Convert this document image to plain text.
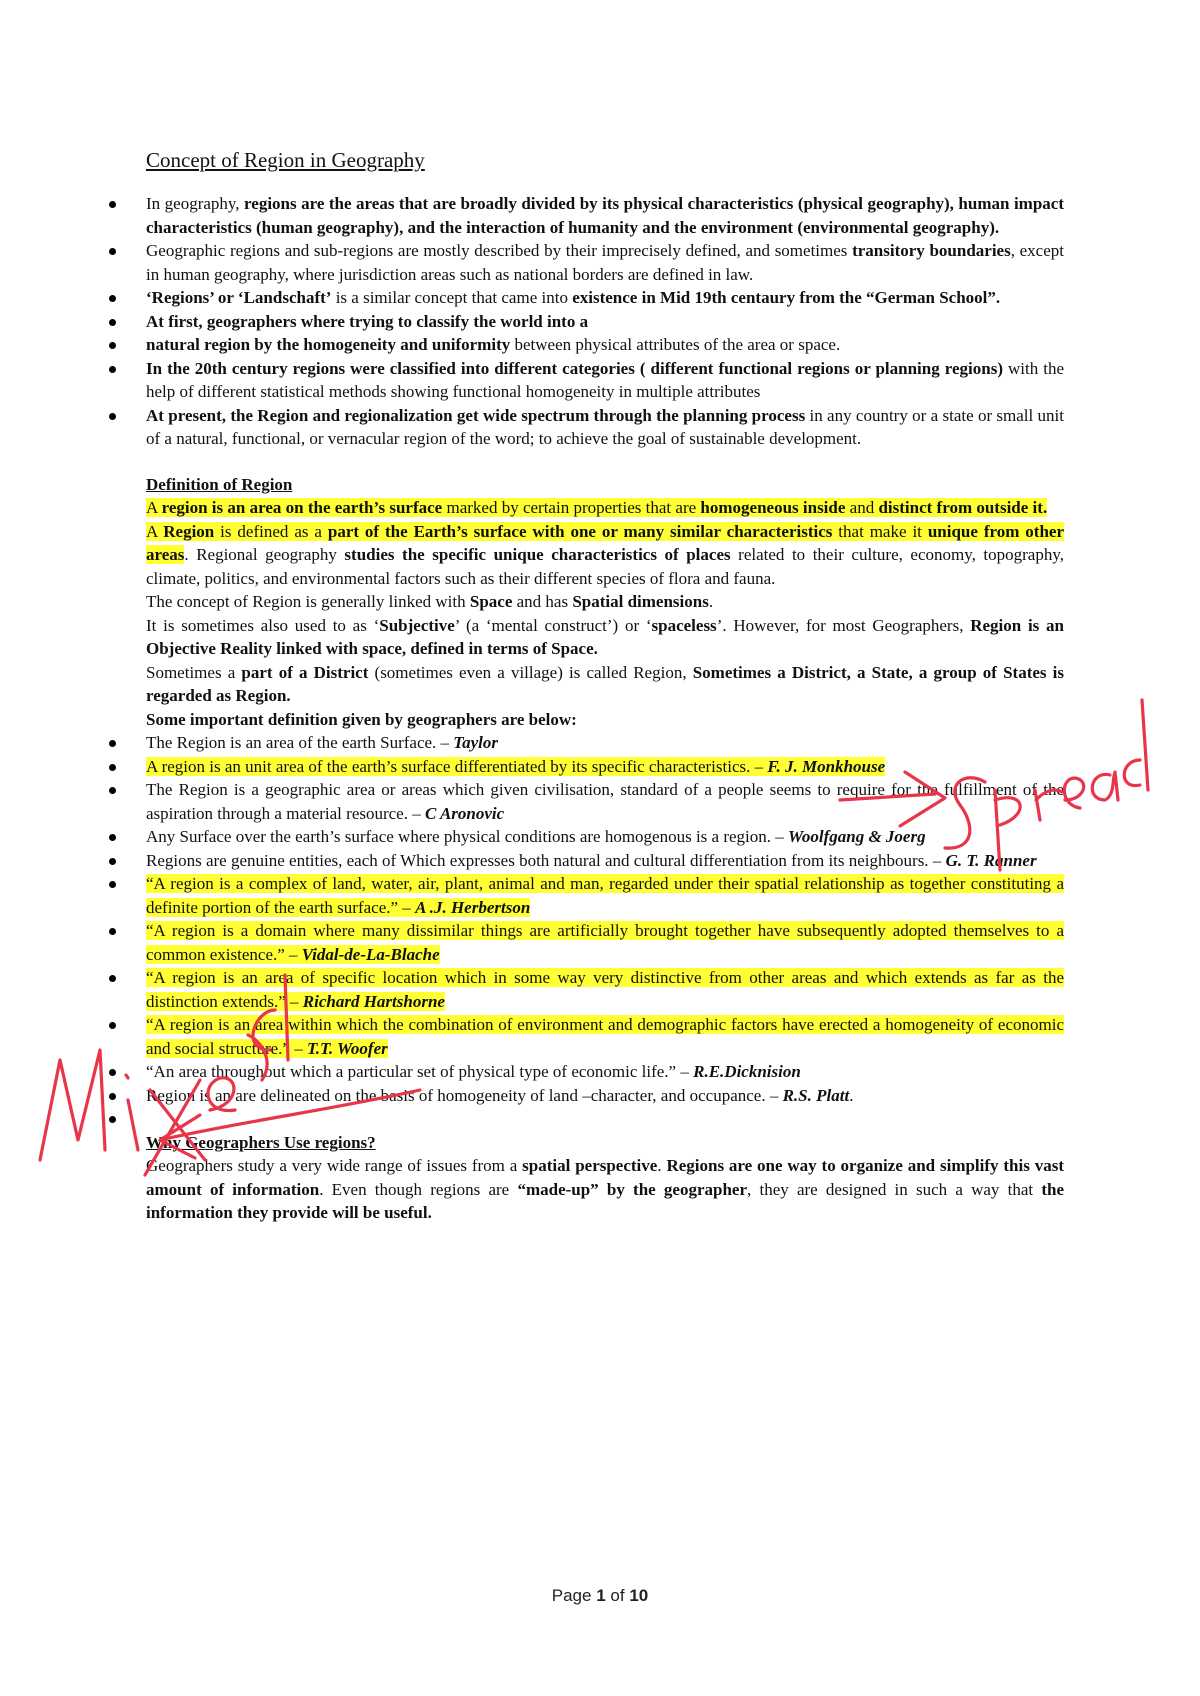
Concept of Region in Geography
In geography, regions are the areas that are broadly divided by its physical characteristics (physical geography), human impact characteristics (human geography), and the interaction of humanity and the environment (environmental geography).
Geographic regions and sub-regions are mostly described by their imprecisely defined, and sometimes transitory boundaries, except in human geography, where jurisdiction areas such as national borders are defined in law.
‘Regions’ or ‘Landschaft’ is a similar concept that came into existence in Mid 19th centaury from the “German School”.
At first, geographers where trying to classify the world into a
natural region by the homogeneity and uniformity between physical attributes of the area or space.
In the 20th century regions were classified into different categories ( different functional regions or planning regions) with the help of different statistical methods showing functional homogeneity in multiple attributes
At present, the Region and regionalization get wide spectrum through the planning process in any country or a state or small unit of a natural, functional, or vernacular region of the word; to achieve the goal of sustainable development.
Definition of Region

A region is an area on the earth’s surface marked by certain properties that are homogeneous inside and distinct from outside it.

A Region is defined as a part of the Earth’s surface with one or many similar characteristics that make it unique from other areas. Regional geography studies the specific unique characteristics of places related to their culture, economy, topography, climate, politics, and environmental factors such as their different species of flora and fauna.

The concept of Region is generally linked with Space and has Spatial dimensions.

It is sometimes also used to as ‘Subjective’ (a ‘mental construct’) or ‘spaceless’. However, for most Geographers, Region is an Objective Reality linked with space, defined in terms of Space.

Sometimes a part of a District (sometimes even a village) is called Region, Sometimes a District, a State, a group of States is regarded as Region.

Some important definition given by geographers are below:

The Region is an area of the earth Surface. – Taylor
A region is an unit area of the earth’s surface differentiated by its specific characteristics. – F. J. Monkhouse
The Region is a geographic area or areas which given civilisation, standard of a people seems to require for the fulfillment of the aspiration through a material resource. – C Aronovic
Any Surface over the earth’s surface where physical conditions are homogenous is a region. – Woolfgang & Joerg
Regions are genuine entities, each of Which expresses both natural and cultural differentiation from its neighbours. – G. T. Ranner
“A region is a complex of land, water, air, plant, animal and man, regarded under their spatial relationship as together constituting a definite portion of the earth surface.” – A .J. Herbertson
“A region is a domain where many dissimilar things are artificially brought together have subsequently adopted themselves to a common existence.” – Vidal-de-La-Blache
“A region is an area of specific location which in some way very distinctive from other areas and which extends as far as the distinction extends.” – Richard Hartshorne
“A region is an area within which the combination of environment and demographic factors have erected a homogeneity of economic and social structure.” – T.T. Woofer
“An area throughout which a particular set of physical type of economic life.” – R.E.Dicknision
Region is an are delineated on the basis of homogeneity of land –character, and occupance. – R.S. Platt.

Why Geographers Use regions?

Geographers study a very wide range of issues from a spatial perspective. Regions are one way to organize and simplify this vast amount of information. Even though regions are “made-up” by the geographer, they are designed in such a way that the information they provide will be useful.

Page 1 of 10
